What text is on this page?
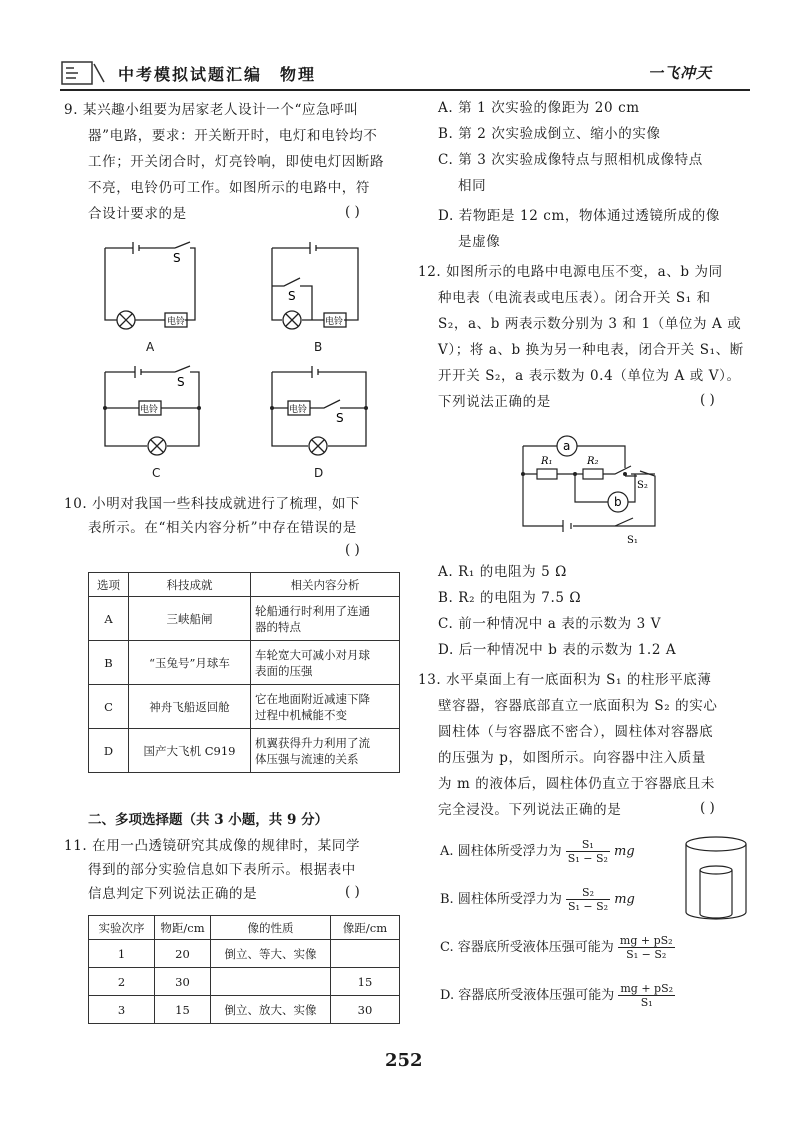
中考模拟试题汇编 物理	一飞冲天
9. 某兴趣小组要为居家老人设计一个“应急呼叫
器”电路，要求：开关断开时，电灯和电铃均不
工作；开关闭合时，灯亮铃响，即使电灯因断路
不亮，电铃仍可工作。如图所示的电路中，符
合设计要求的是	( )
S
电铃
A
S
电铃
B
S
电铃
C
S
电铃
D
10. 小明对我国一些科技成就进行了梳理，如下
表所示。在“相关内容分析”中存在错误的是
( )
选项	科技成就	相关内容分析
A	三峡船闸	轮船通行时利用了连通
器的特点

B	“玉兔号”月球车	车轮宽大可减小对月球
表面的压强

C	神舟飞船返回舱	它在地面附近减速下降
过程中机械能不变

D	国产大飞机 C919	机翼获得升力利用了流
体压强与流速的关系
二、多项选择题（共 3 小题，共 9 分）
11. 在用一凸透镜研究其成像的规律时，某同学
得到的部分实验信息如下表所示。根据表中
信息判定下列说法正确的是	( )
实验次序	物距/cm	像的性质	像距/cm
1	20	倒立、等大、实像	
2	30		15
3	15	倒立、放大、实像	30
A. 第 1 次实验的像距为 20 cm
B. 第 2 次实验成倒立、缩小的实像
C. 第 3 次实验成像特点与照相机成像特点
相同
D. 若物距是 12 cm，物体通过透镜所成的像
是虚像
12. 如图所示的电路中电源电压不变，a、b 为同
种电表（电流表或电压表）。闭合开关 S₁ 和
S₂，a、b 两表示数分别为 3 和 1（单位为 A 或
V）；将 a、b 换为另一种电表，闭合开关 S₁、断
开开关 S₂，a 表示数为 0.4（单位为 A 或 V）。
下列说法正确的是	( )
a
b
R₁	R₂
S₂
S₁
A. R₁ 的电阻为 5 Ω
B. R₂ 的电阻为 7.5 Ω
C. 前一种情况中 a 表的示数为 3 V
D. 后一种情况中 b 表的示数为 1.2 A
13. 水平桌面上有一底面积为 S₁ 的柱形平底薄
壁容器，容器底部直立一底面积为 S₂ 的实心
圆柱体（与容器底不密合），圆柱体对容器底
的压强为 p，如图所示。向容器中注入质量
为 m 的液体后，圆柱体仍直立于容器底且未
完全浸没。下列说法正确的是	( )
A. 圆柱体所受浮力为 $\frac{\text{S₁}}{\text{S₁ − S₂}}$ mg
B. 圆柱体所受浮力为 $\frac{\text{S₂}}{\text{S₁ − S₂}}$ mg
C. 容器底所受液体压强可能为 $\frac{\text{mg + pS₂}}{\text{S₁ − S₂}}$
D. 容器底所受液体压强可能为 $\frac{\text{mg + pS₂}}{\text{S₁}}$
252
